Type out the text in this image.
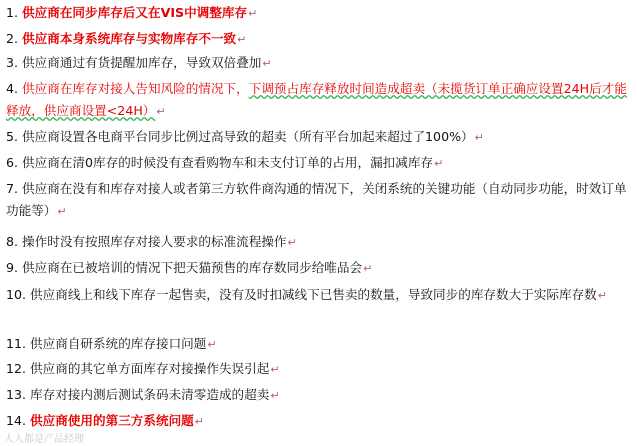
1. 供应商在同步库存后又在VIS中调整库存↵
2. 供应商本身系统库存与实物库存不一致↵
3. 供应商通过有货提醒加库存，导致双倍叠加↵
4. 供应商在库存对接人告知风险的情况下，下调预占库存释放时间造成超卖（未揽货订单正确应设置24H后才能释放，供应商设置<24H）↵
5. 供应商设置各电商平台同步比例过高导致的超卖（所有平台加起来超过了100%）↵
6. 供应商在清0库存的时候没有查看购物车和未支付订单的占用，漏扣减库存↵
7. 供应商在没有和库存对接人或者第三方软件商沟通的情况下，关闭系统的关键功能（自动同步功能，时效订单功能等）↵
8. 操作时没有按照库存对接人要求的标准流程操作↵
9. 供应商在已被培训的情况下把天猫预售的库存数同步给唯品会↵
10. 供应商线上和线下库存一起售卖，没有及时扣减线下已售卖的数量，导致同步的库存数大于实际库存数↵
11. 供应商自研系统的库存接口问题↵
12. 供应商的其它单方面库存对接操作失误引起↵
13. 库存对接内测后测试条码未清零造成的超卖↵
14. 供应商使用的第三方系统问题↵
人人都是产品经理
